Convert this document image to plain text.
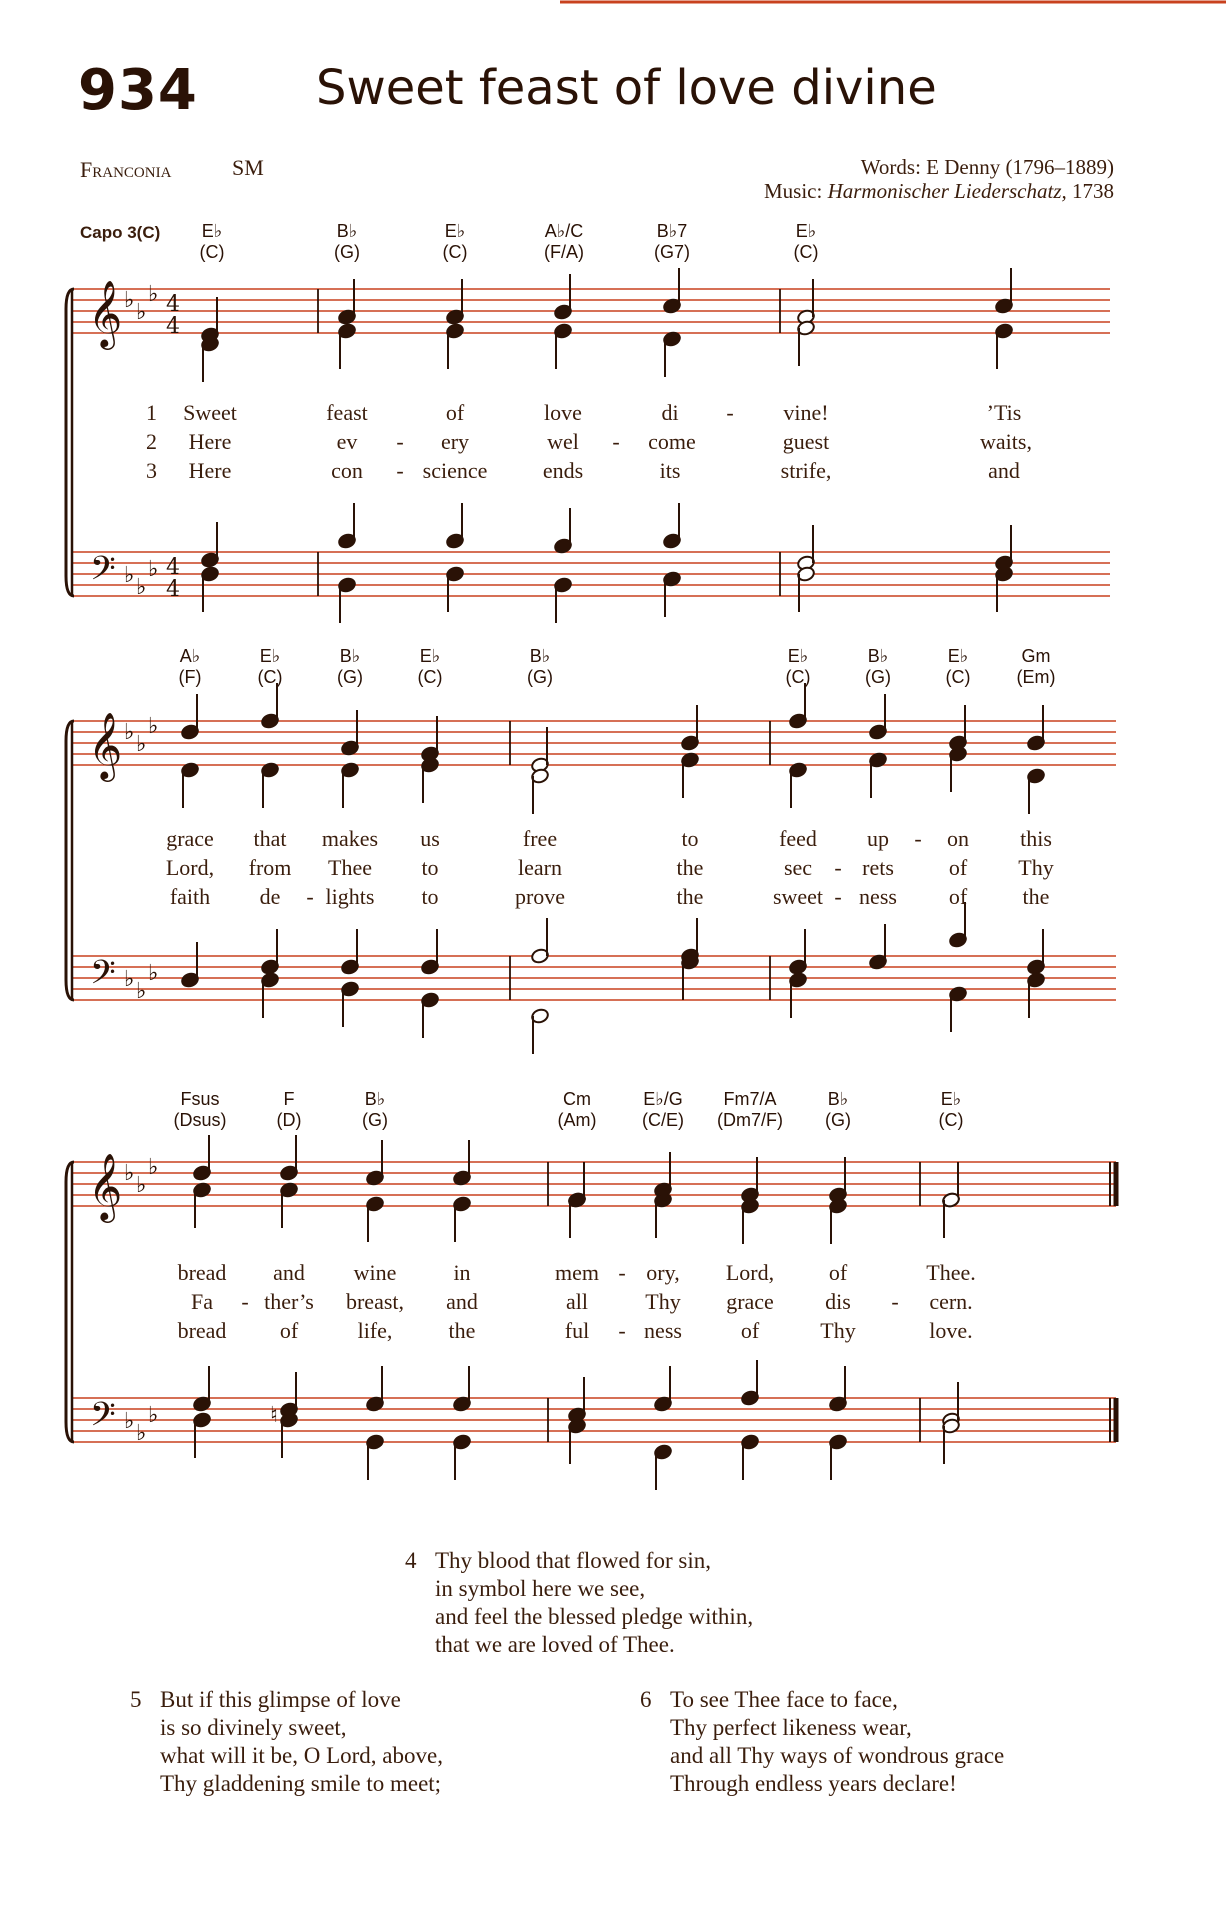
934 Sweet feast of love divine
Franconia	SM	Words: E Denny (1796–1889)
Music: Harmonischer Liederschatz, 1738
Capo 3(C) E♭
(C)
B♭
(G)
E♭
(C)
A♭/C
(F/A)
B♭7
(G7)
E♭
(C)
A♭
(F)
E♭
(C)
B♭
(G)
E♭
(C)
B♭
(G)
E♭
(C)
B♭
(G)
E♭
(C)
Gm
(Em)
Fsus
(Dsus)
F
(D)
B♭
(G)
Cm
(Am)
E♭/G
(C/E)
Fm7/A
(Dm7/F)
B♭
(G)
E♭
(C)
𝄞
𝄢
♭ ♭
♭
♭ ♭
♭
4
4
4
4
𝄞
𝄢
♭ ♭
♭
♭ ♭
♭
𝄞
𝄢
♭ ♭
♭
♭ ♭
♭	♮
1
2
3
Sweet	feast	of	love	di - vine!	’Tis
Here	ev - ery	wel - come	guest	waits,
Here	con - science	ends	its	strife,	and
grace that makes us	free	to	feed up - on this
Lord, from Thee to	learn	the	sec - rets of Thy
faith de - lights to	prove	the	sweet - ness of	the
bread and wine	in	mem - ory, Lord, of	Thee.
Fa - ther’s breast, and	all	Thy grace dis - cern.
bread of	life,	the	ful - ness	of	Thy	love.
4 Thy blood that flowed for sin,
in symbol here we see,
and feel the blessed pledge within,
that we are loved of Thee.
5 But if this glimpse of love
is so divinely sweet,
what will it be, O Lord, above,
Thy gladdening smile to meet;
6 To see Thee face to face,
Thy perfect likeness wear,
and all Thy ways of wondrous grace
Through endless years declare!
